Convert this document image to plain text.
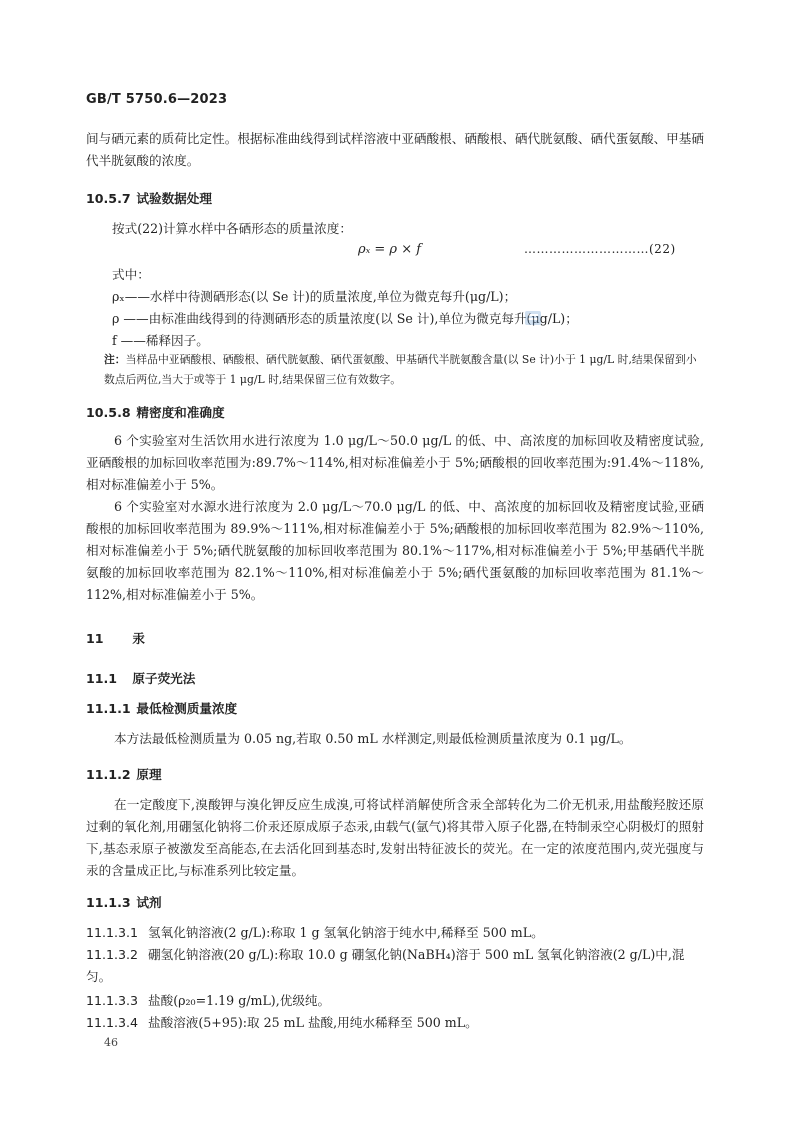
GB/T 5750.6—2023

间与硒元素的质荷比定性。根据标准曲线得到试样溶液中亚硒酸根、硒酸根、硒代胱氨酸、硒代蛋氨酸、甲基硒代半胱氨酸的浓度。

10.5.7 试验数据处理
按式(22)计算水样中各硒形态的质量浓度：
ρₓ = ρ × f	…………………………(22)
式中：
ρₓ——水样中待测硒形态(以 Se 计)的质量浓度,单位为微克每升(μg/L)；
ρ ——由标准曲线得到的待测硒形态的质量浓度(以 Se 计),单位为微克每升(μg/L)；
f ——稀释因子。
注：当样品中亚硒酸根、硒酸根、硒代胱氨酸、硒代蛋氨酸、甲基硒代半胱氨酸含量(以 Se 计)小于 1 μg/L 时,结果保留到小数点后两位,当大于或等于 1 μg/L 时,结果保留三位有效数字。
10.5.8 精密度和准确度

6 个实验室对生活饮用水进行浓度为 1.0 μg/L～50.0 μg/L 的低、中、高浓度的加标回收及精密度试验,亚硒酸根的加标回收率范围为:89.7%～114%,相对标准偏差小于 5%;硒酸根的回收率范围为:91.4%～118%,相对标准偏差小于 5%。

6 个实验室对水源水进行浓度为 2.0 μg/L～70.0 μg/L 的低、中、高浓度的加标回收及精密度试验,亚硒酸根的加标回收率范围为 89.9%～111%,相对标准偏差小于 5%;硒酸根的加标回收率范围为 82.9%～110%,相对标准偏差小于 5%;硒代胱氨酸的加标回收率范围为 80.1%～117%,相对标准偏差小于 5%;甲基硒代半胱氨酸的加标回收率范围为 82.1%～110%,相对标准偏差小于 5%;硒代蛋氨酸的加标回收率范围为 81.1%～112%,相对标准偏差小于 5%。

11 汞
11.1 原子荧光法
11.1.1 最低检测质量浓度

本方法最低检测质量为 0.05 ng,若取 0.50 mL 水样测定,则最低检测质量浓度为 0.1 μg/L。

11.1.2 原理

在一定酸度下,溴酸钾与溴化钾反应生成溴,可将试样消解使所含汞全部转化为二价无机汞,用盐酸羟胺还原过剩的氧化剂,用硼氢化钠将二价汞还原成原子态汞,由载气(氩气)将其带入原子化器,在特制汞空心阴极灯的照射下,基态汞原子被激发至高能态,在去活化回到基态时,发射出特征波长的荧光。在一定的浓度范围内,荧光强度与汞的含量成正比,与标准系列比较定量。

11.1.3 试剂
11.1.3.1 氢氧化钠溶液(2 g/L):称取 1 g 氢氧化钠溶于纯水中,稀释至 500 mL。
11.1.3.2 硼氢化钠溶液(20 g/L):称取 10.0 g 硼氢化钠(NaBH₄)溶于 500 mL 氢氧化钠溶液(2 g/L)中,混匀。
11.1.3.3 盐酸(ρ₂₀=1.19 g/mL),优级纯。
11.1.3.4 盐酸溶液(5+95):取 25 mL 盐酸,用纯水稀释至 500 mL。
46
